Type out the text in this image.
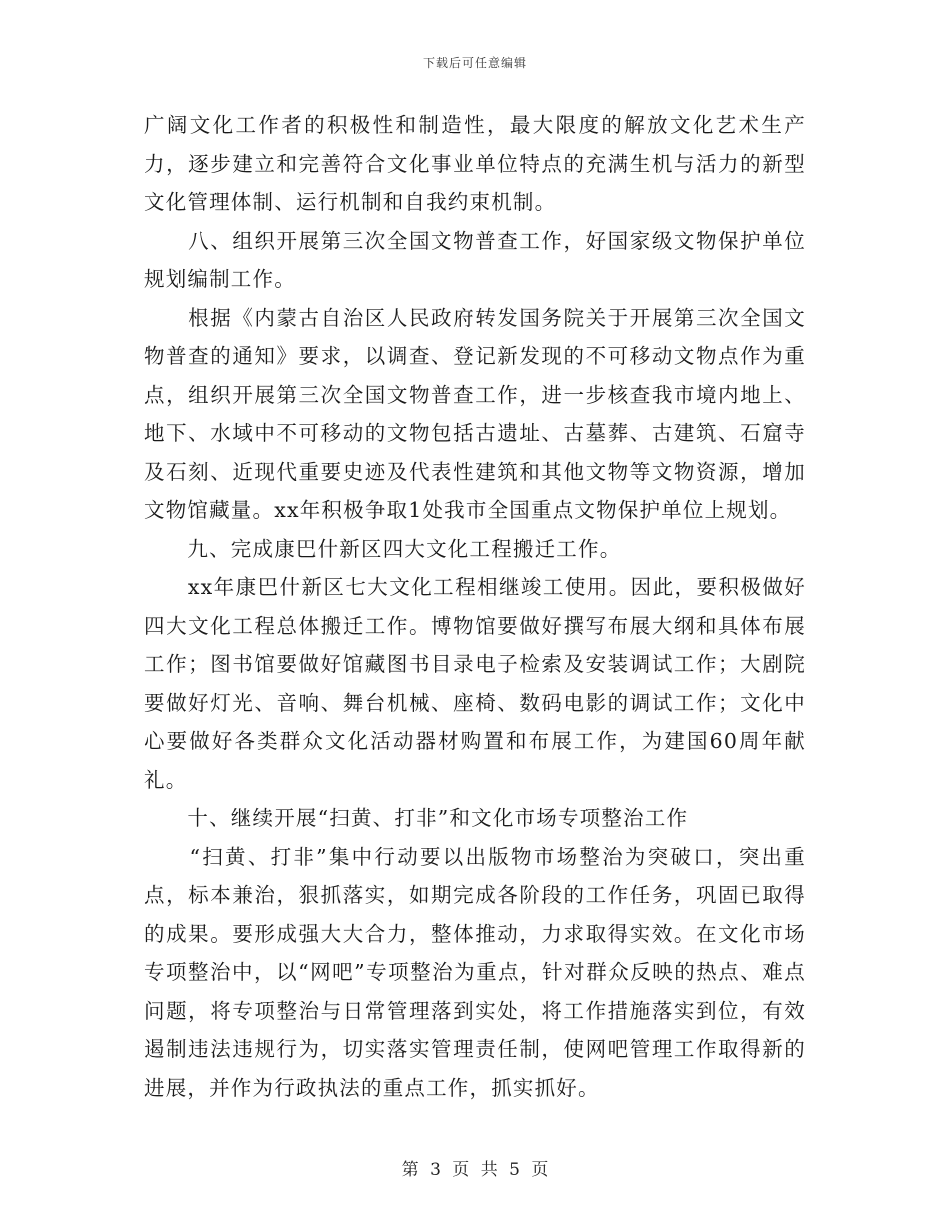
下载后可任意编辑

广阔文化工作者的积极性和制造性，最大限度的解放文化艺术生产力，逐步建立和完善符合文化事业单位特点的充满生机与活力的新型文化管理体制、运行机制和自我约束机制。

　　八、组织开展第三次全国文物普查工作，好国家级文物保护单位规划编制工作。

　　根据《内蒙古自治区人民政府转发国务院关于开展第三次全国文物普查的通知》要求，以调查、登记新发现的不可移动文物点作为重点，组织开展第三次全国文物普查工作，进一步核查我市境内地上、地下、水域中不可移动的文物包括古遗址、古墓葬、古建筑、石窟寺及石刻、近现代重要史迹及代表性建筑和其他文物等文物资源，增加文物馆藏量。xx年积极争取1处我市全国重点文物保护单位上规划。

　　九、完成康巴什新区四大文化工程搬迁工作。

　　xx年康巴什新区七大文化工程相继竣工使用。因此，要积极做好四大文化工程总体搬迁工作。博物馆要做好撰写布展大纲和具体布展工作；图书馆要做好馆藏图书目录电子检索及安装调试工作；大剧院要做好灯光、音响、舞台机械、座椅、数码电影的调试工作；文化中心要做好各类群众文化活动器材购置和布展工作，为建国60周年献礼。

　　十、继续开展“扫黄、打非”和文化市场专项整治工作

　　“扫黄、打非”集中行动要以出版物市场整治为突破口，突出重点，标本兼治，狠抓落实，如期完成各阶段的工作任务，巩固已取得的成果。要形成强大大合力，整体推动，力求取得实效。在文化市场专项整治中，以“网吧”专项整治为重点，针对群众反映的热点、难点问题，将专项整治与日常管理落到实处，将工作措施落实到位，有效遏制违法违规行为，切实落实管理责任制，使网吧管理工作取得新的进展，并作为行政执法的重点工作，抓实抓好。

第 3 页 共 5 页
